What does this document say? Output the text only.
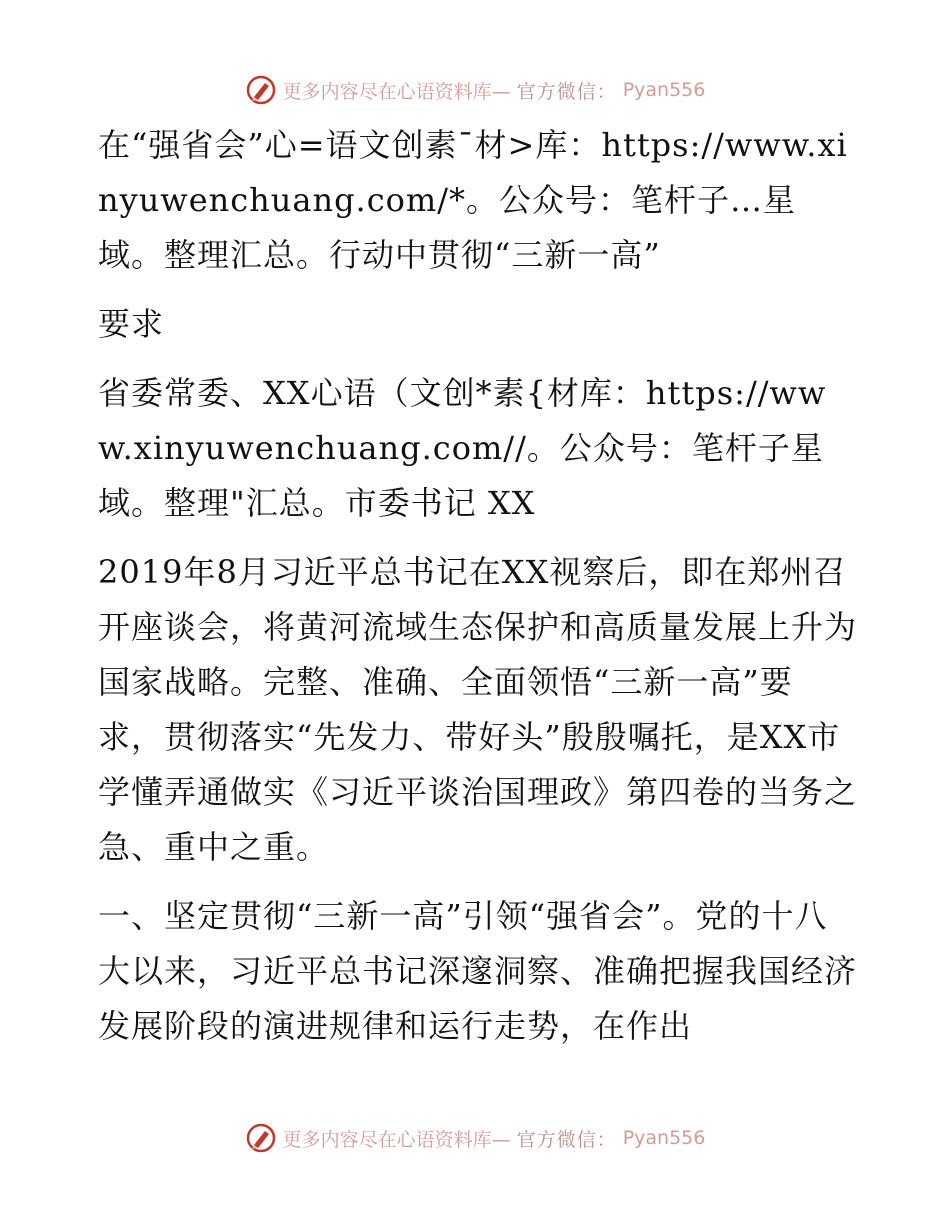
更多内容尽在心语资料库— 官方微信： Pyan556

在“强省会”心=语文创素¯材>库：https://www.xinyuwenchuang.com/*。公众号：笔杆子…星域。整理汇总。行动中贯彻“三新一高”

要求

省委常委、XX心语（文创*素{材库：https://www.xinyuwenchuang.com//。公众号：笔杆子星域。整理"汇总。市委书记 XX

2019年8月习近平总书记在XX视察后，即在郑州召开座谈会，将黄河流域生态保护和高质量发展上升为国家战略。完整、准确、全面领悟“三新一高”要求，贯彻落实“先发力、带好头”殷殷嘱托，是XX市学懂弄通做实《习近平谈治国理政》第四卷的当务之急、重中之重。

一、坚定贯彻“三新一高”引领“强省会”。党的十八大以来，习近平总书记深邃洞察、准确把握我国经济发展阶段的演进规律和运行走势，在作出

更多内容尽在心语资料库— 官方微信： Pyan556
